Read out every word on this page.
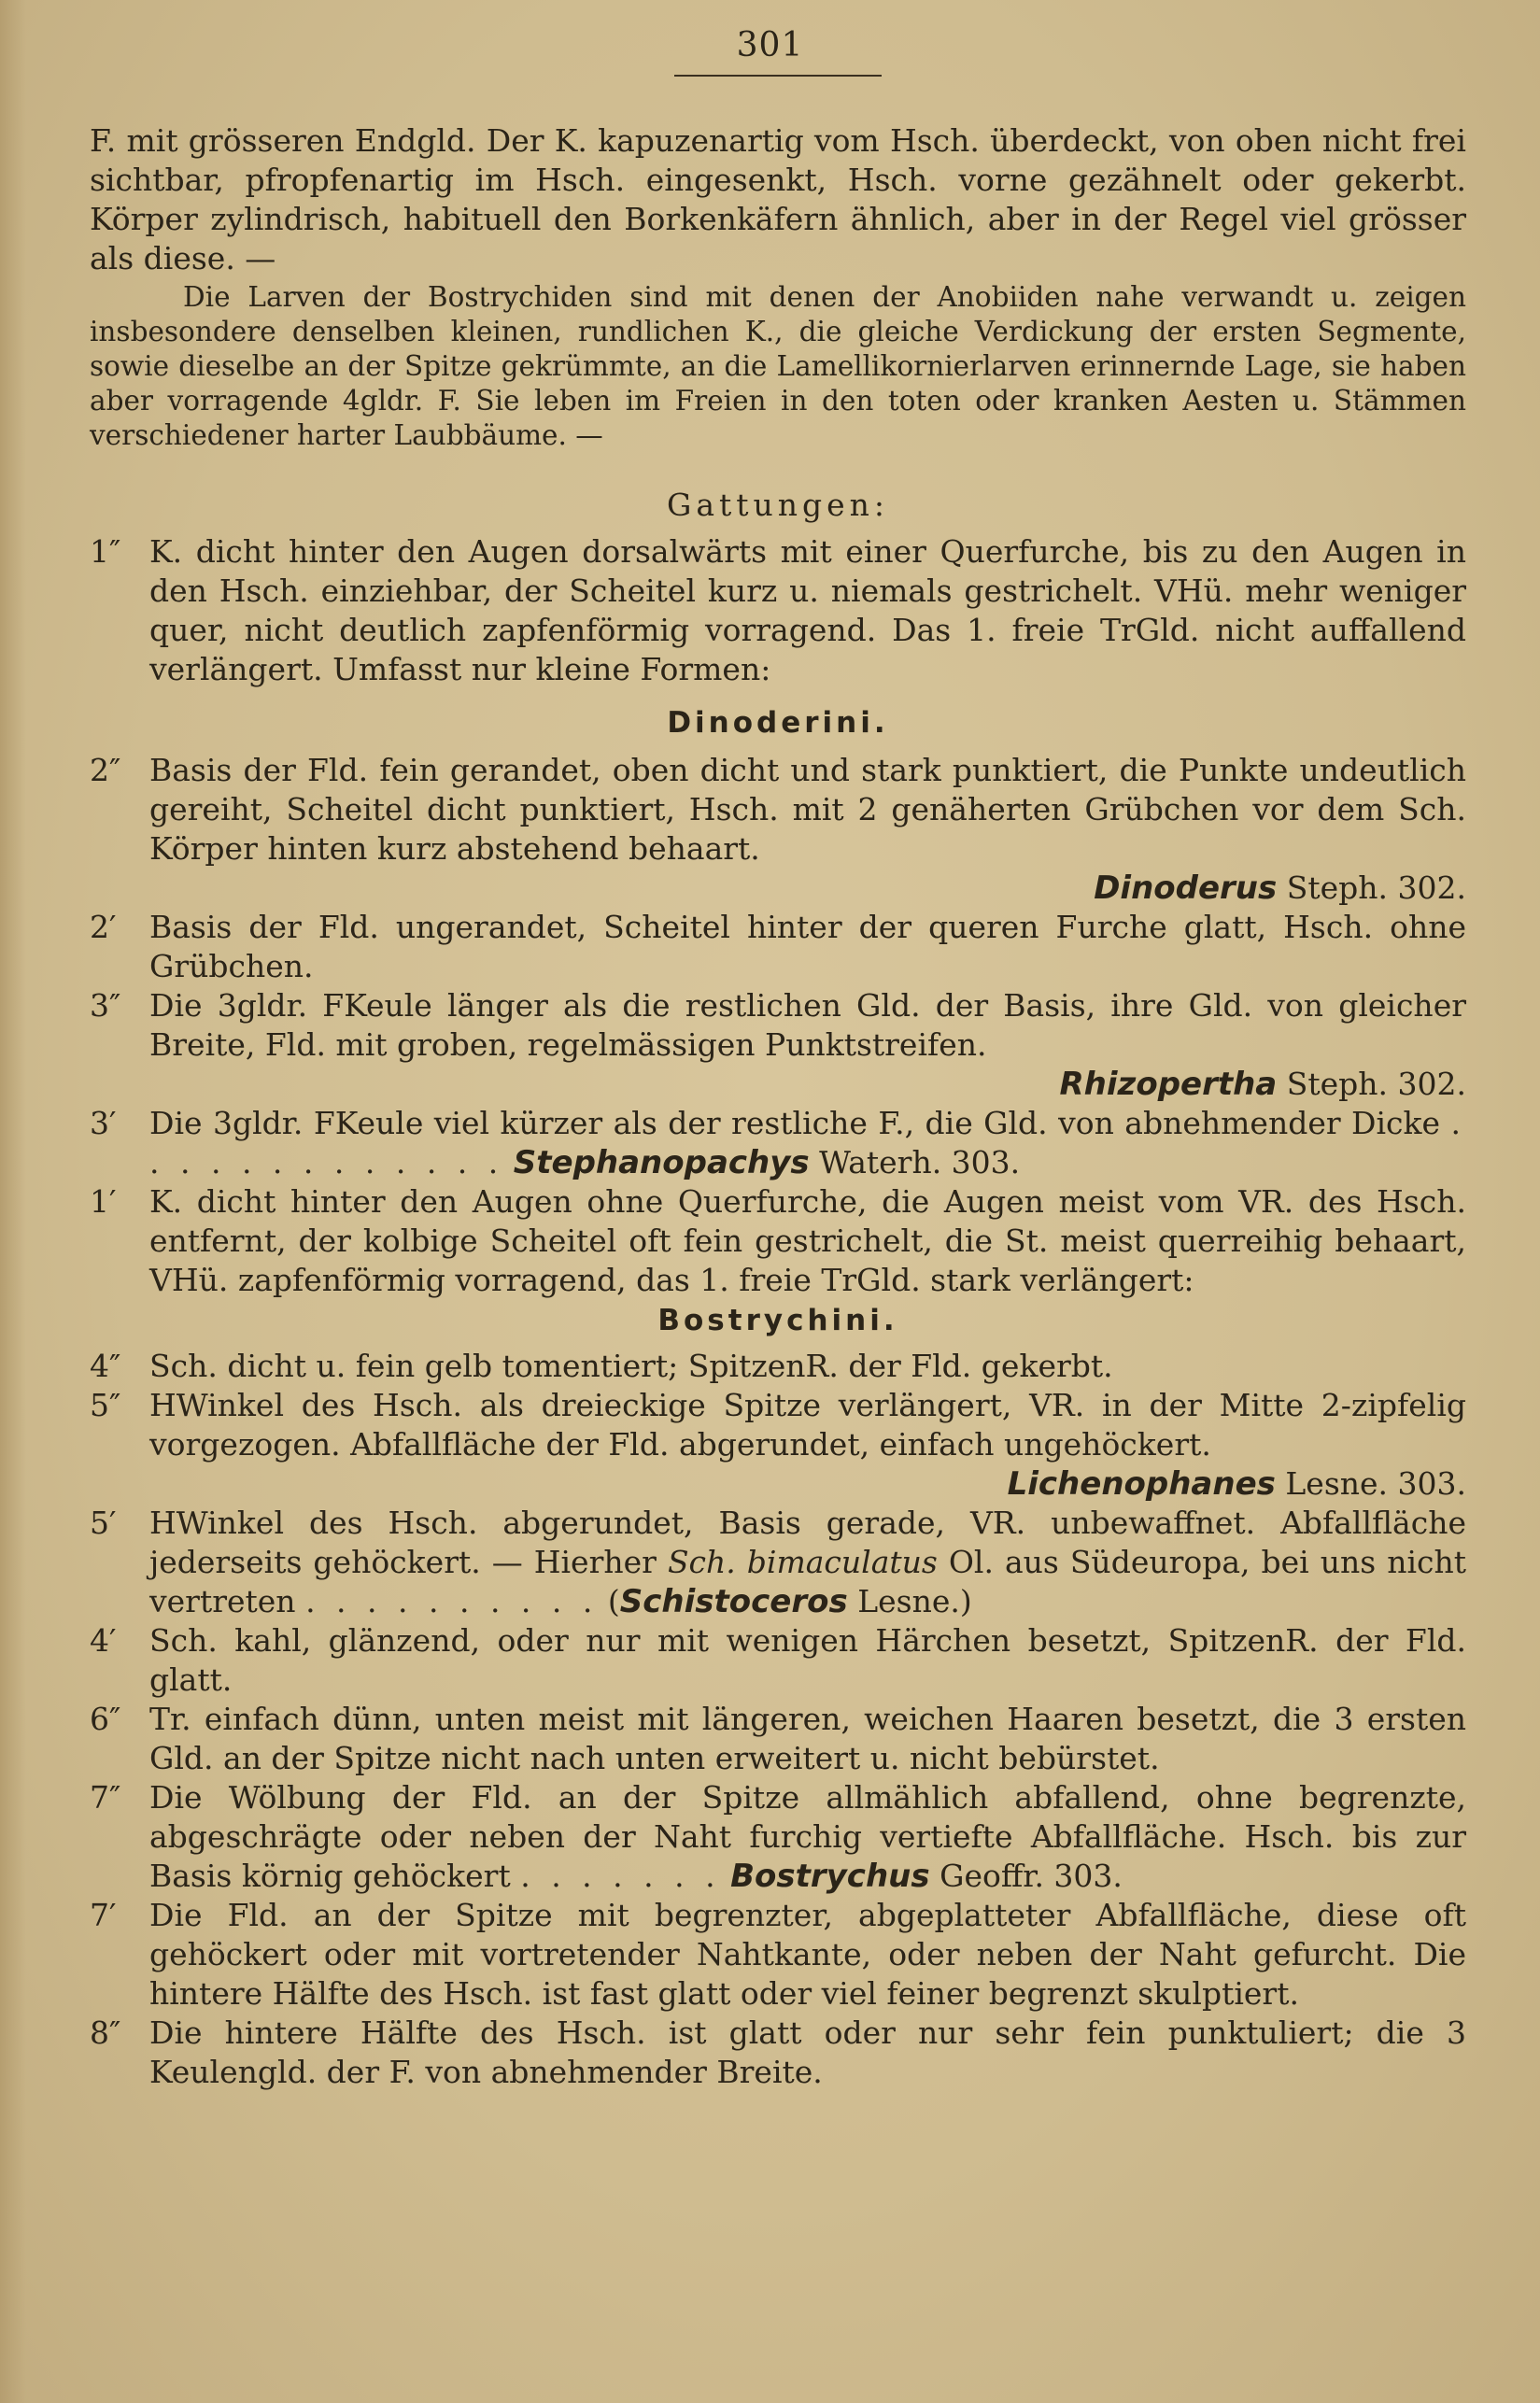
301

F. mit grösseren Endgld. Der K. kapuzenartig vom Hsch. überdeckt, von oben nicht frei sichtbar, pfropfenartig im Hsch. eingesenkt, Hsch. vorne gezähnelt oder gekerbt. Körper zylindrisch, habituell den Borkenkäfern ähnlich, aber in der Regel viel grösser als diese. —

Die Larven der Bostrychiden sind mit denen der Anobiiden nahe verwandt u. zeigen insbesondere denselben kleinen, rundlichen K., die gleiche Verdickung der ersten Segmente, sowie dieselbe an der Spitze gekrümmte, an die Lamellikornierlarven erinnernde Lage, sie haben aber vorragende 4gldr. F. Sie leben im Freien in den toten oder kranken Aesten u. Stämmen verschiedener harter Laubbäume. —

Gattungen:

1″ K. dicht hinter den Augen dorsalwärts mit einer Querfurche, bis zu den Augen in den Hsch. einziehbar, der Scheitel kurz u. niemals gestrichelt. VHü. mehr weniger quer, nicht deutlich zapfenförmig vorragend. Das 1. freie TrGld. nicht auffallend verlängert. Umfasst nur kleine Formen:

Dinoderini.

2″ Basis der Fld. fein gerandet, oben dicht und stark punktiert, die Punkte undeutlich gereiht, Scheitel dicht punktiert, Hsch. mit 2 genäherten Grübchen vor dem Sch. Körper hinten kurz abstehend behaart.
Dinoderus Steph. 302.
2′ Basis der Fld. ungerandet, Scheitel hinter der queren Furche glatt, Hsch. ohne Grübchen.
3″ Die 3gldr. FKeule länger als die restlichen Gld. der Basis, ihre Gld. von gleicher Breite, Fld. mit groben, regelmässigen Punktstreifen.
Rhizopertha Steph. 302.
3′ Die 3gldr. FKeule viel kürzer als der restliche F., die Gld. von abnehmender Dicke . . . . . . . . . . . . . Stephanopachys Waterh. 303.
1′ K. dicht hinter den Augen ohne Querfurche, die Augen meist vom VR. des Hsch. entfernt, der kolbige Scheitel oft fein gestrichelt, die St. meist querreihig behaart, VHü. zapfenförmig vorragend, das 1. freie TrGld. stark verlängert:

Bostrychini.

4″ Sch. dicht u. fein gelb tomentiert; SpitzenR. der Fld. gekerbt.
5″ HWinkel des Hsch. als dreieckige Spitze verlängert, VR. in der Mitte 2-zipfelig vorgezogen. Abfallfläche der Fld. abgerundet, einfach ungehöckert.
Lichenophanes Lesne. 303.
5′ HWinkel des Hsch. abgerundet, Basis gerade, VR. unbewaffnet. Abfallfläche jederseits gehöckert. — Hierher Sch. bimaculatus Ol. aus Südeuropa, bei uns nicht vertreten . . . . . . . . . . (Schistoceros Lesne.)
4′ Sch. kahl, glänzend, oder nur mit wenigen Härchen besetzt, SpitzenR. der Fld. glatt.
6″ Tr. einfach dünn, unten meist mit längeren, weichen Haaren besetzt, die 3 ersten Gld. an der Spitze nicht nach unten erweitert u. nicht bebürstet.
7″ Die Wölbung der Fld. an der Spitze allmählich abfallend, ohne begrenzte, abgeschrägte oder neben der Naht furchig vertiefte Abfallfläche. Hsch. bis zur Basis körnig gehöckert . . . . . . . Bostrychus Geoffr. 303.
7′ Die Fld. an der Spitze mit begrenzter, abgeplatteter Abfallfläche, diese oft gehöckert oder mit vortretender Nahtkante, oder neben der Naht gefurcht. Die hintere Hälfte des Hsch. ist fast glatt oder viel feiner begrenzt skulptiert.
8″ Die hintere Hälfte des Hsch. ist glatt oder nur sehr fein punktuliert; die 3 Keulengld. der F. von abnehmender Breite.
